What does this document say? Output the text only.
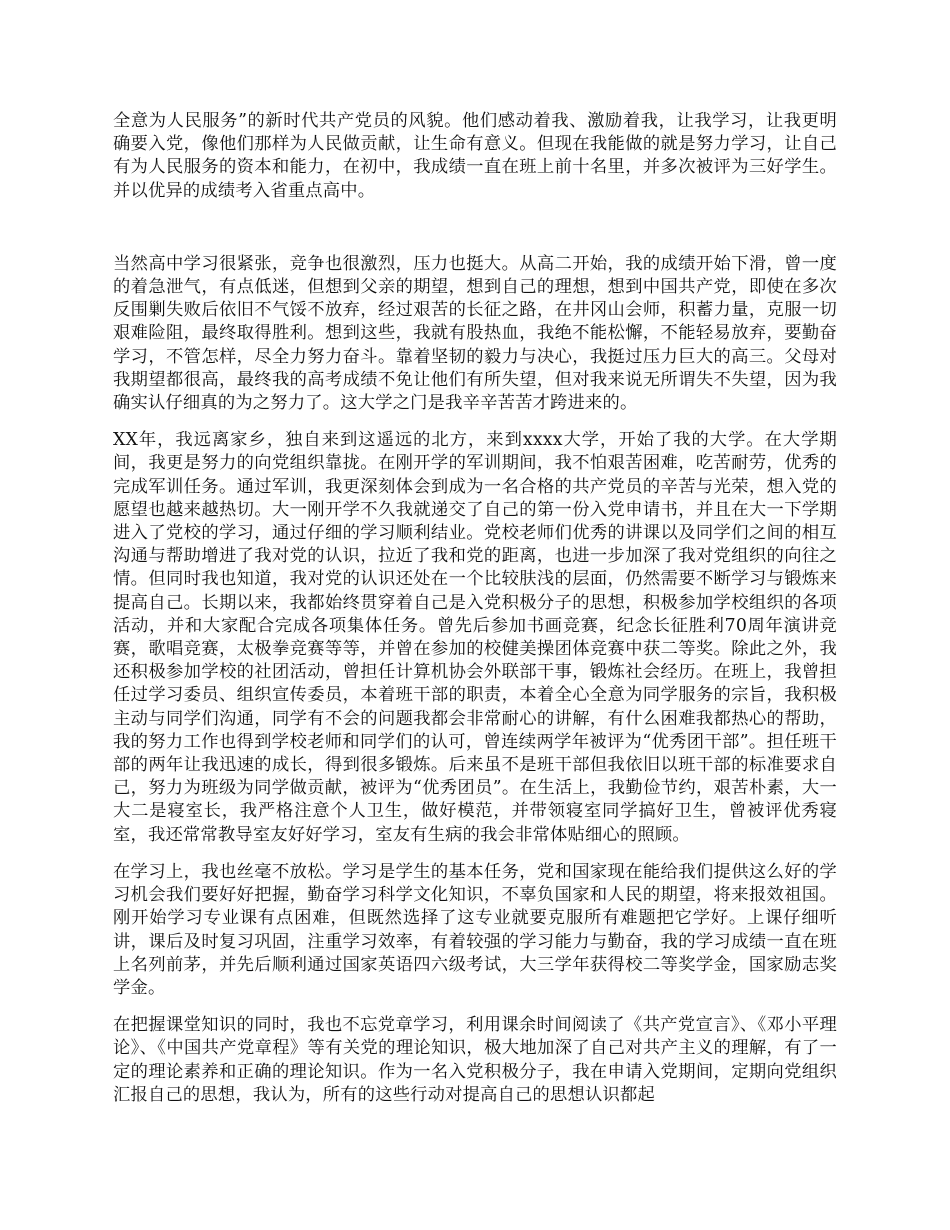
全意为人民服务”的新时代共产党员的风貌。他们感动着我、激励着我，让我学习，让我更明确要入党，像他们那样为人民做贡献，让生命有意义。但现在我能做的就是努力学习，让自己有为人民服务的资本和能力，在初中，我成绩一直在班上前十名里，并多次被评为三好学生。并以优异的成绩考入省重点高中。

当然高中学习很紧张，竞争也很激烈，压力也挺大。从高二开始，我的成绩开始下滑，曾一度的着急泄气，有点低迷，但想到父亲的期望，想到自己的理想，想到中国共产党，即使在多次反围剿失败后依旧不气馁不放弃，经过艰苦的长征之路，在井冈山会师，积蓄力量，克服一切艰难险阻，最终取得胜利。想到这些，我就有股热血，我绝不能松懈，不能轻易放弃，要勤奋学习，不管怎样，尽全力努力奋斗。靠着坚韧的毅力与决心，我挺过压力巨大的高三。父母对我期望都很高，最终我的高考成绩不免让他们有所失望，但对我来说无所谓失不失望，因为我确实认仔细真的为之努力了。这大学之门是我辛辛苦苦才跨进来的。

XX年，我远离家乡，独自来到这遥远的北方，来到xxxx大学，开始了我的大学。在大学期间，我更是努力的向党组织靠拢。在刚开学的军训期间，我不怕艰苦困难，吃苦耐劳，优秀的完成军训任务。通过军训，我更深刻体会到成为一名合格的共产党员的辛苦与光荣，想入党的愿望也越来越热切。大一刚开学不久我就递交了自己的第一份入党申请书，并且在大一下学期进入了党校的学习，通过仔细的学习顺利结业。党校老师们优秀的讲课以及同学们之间的相互沟通与帮助增进了我对党的认识，拉近了我和党的距离，也进一步加深了我对党组织的向往之情。但同时我也知道，我对党的认识还处在一个比较肤浅的层面，仍然需要不断学习与锻炼来提高自己。长期以来，我都始终贯穿着自己是入党积极分子的思想，积极参加学校组织的各项活动，并和大家配合完成各项集体任务。曾先后参加书画竞赛，纪念长征胜利70周年演讲竞赛，歌唱竞赛，太极拳竞赛等等，并曾在参加的校健美操团体竞赛中获二等奖。除此之外，我还积极参加学校的社团活动，曾担任计算机协会外联部干事，锻炼社会经历。在班上，我曾担任过学习委员、组织宣传委员，本着班干部的职责，本着全心全意为同学服务的宗旨，我积极主动与同学们沟通，同学有不会的问题我都会非常耐心的讲解，有什么困难我都热心的帮助，我的努力工作也得到学校老师和同学们的认可，曾连续两学年被评为“优秀团干部”。担任班干部的两年让我迅速的成长，得到很多锻炼。后来虽不是班干部但我依旧以班干部的标准要求自己，努力为班级为同学做贡献，被评为“优秀团员”。在生活上，我勤俭节约，艰苦朴素，大一大二是寝室长，我严格注意个人卫生，做好模范，并带领寝室同学搞好卫生，曾被评优秀寝室，我还常常教导室友好好学习，室友有生病的我会非常体贴细心的照顾。

在学习上，我也丝毫不放松。学习是学生的基本任务，党和国家现在能给我们提供这么好的学习机会我们要好好把握，勤奋学习科学文化知识，不辜负国家和人民的期望，将来报效祖国。刚开始学习专业课有点困难，但既然选择了这专业就要克服所有难题把它学好。上课仔细听讲，课后及时复习巩固，注重学习效率，有着较强的学习能力与勤奋，我的学习成绩一直在班上名列前茅，并先后顺利通过国家英语四六级考试，大三学年获得校二等奖学金，国家励志奖学金。

在把握课堂知识的同时，我也不忘党章学习，利用课余时间阅读了《共产党宣言》、《邓小平理论》、《中国共产党章程》等有关党的理论知识，极大地加深了自己对共产主义的理解，有了一定的理论素养和正确的理论知识。作为一名入党积极分子，我在申请入党期间，定期向党组织汇报自己的思想，我认为，所有的这些行动对提高自己的思想认识都起
